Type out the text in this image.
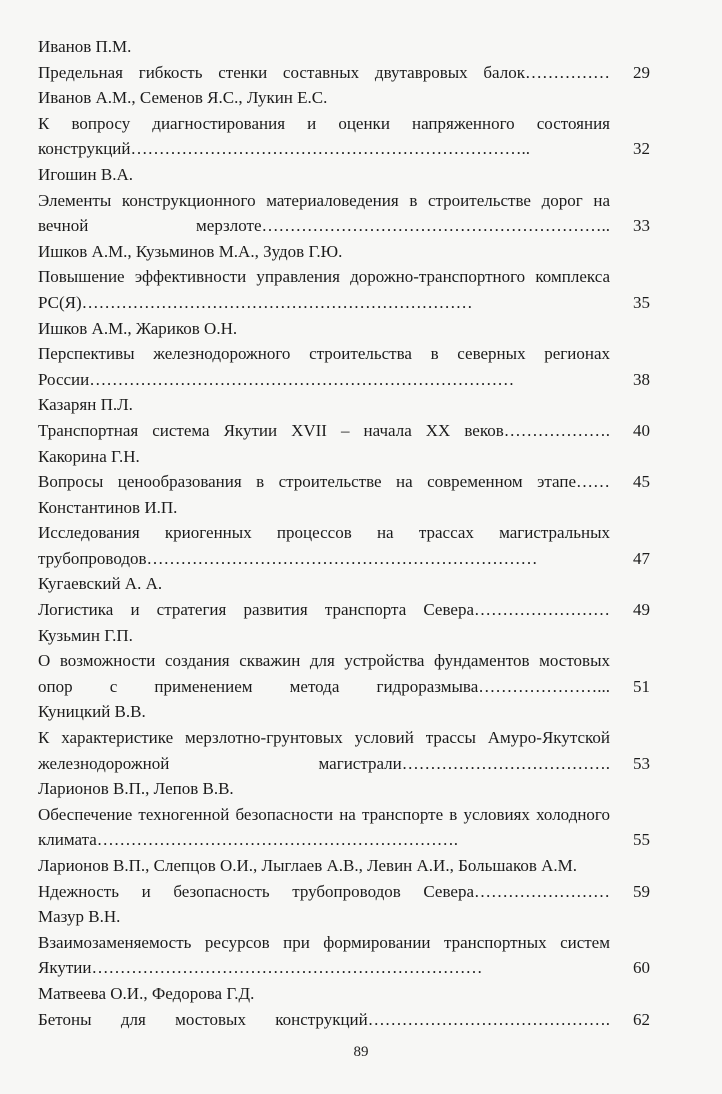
Иванов П.М.
Предельная гибкость стенки составных двутавровых балок……………	29
Иванов А.М., Семенов Я.С., Лукин Е.С.
К вопросу диагностирования и оценки напряженного состояния конструкций……………………………………………………………..	32
Игошин В.А.
Элементы конструкционного материаловедения в строительстве дорог на вечной мерзлоте……………………………………………………..	33
Ишков А.М., Кузьминов М.А., Зудов Г.Ю.
Повышение эффективности управления дорожно-транспортного комплекса РС(Я)……………………………………………………………	35
Ишков А.М., Жариков О.Н.
Перспективы железнодорожного строительства в северных регионах России…………………………………………………………………	38
Казарян П.Л.
Транспортная система Якутии XVII – начала XX веков……………….	40
Какорина Г.Н.
Вопросы ценообразования в строительстве на современном этапе……	45
Константинов И.П.
Исследования криогенных процессов на трассах магистральных трубопроводов……………………………………………………………	47
Кугаевский А. А.
Логистика и стратегия развития транспорта Севера……………………	49
Кузьмин Г.П.
О возможности создания скважин для устройства фундаментов мостовых опор с применением метода гидроразмыва…………………...	51
Куницкий В.В.
К характеристике мерзлотно-грунтовых условий трассы Амуро-Якутской железнодорожной магистрали……………………………….	53
Ларионов В.П., Лепов В.В.
Обеспечение техногенной безопасности на транспорте в условиях холодного климата……………………………………………………….	55
Ларионов В.П., Слепцов О.И., Лыглаев А.В., Левин А.И., Большаков А.М.
Ндежность и безопасность трубопроводов Севера……………………	59
Мазур В.Н.
Взаимозаменяемость ресурсов при формировании транспортных систем Якутии……………………………………………………………	60
Матвеева О.И., Федорова Г.Д.
Бетоны для мостовых конструкций…………………………………….	62
89
